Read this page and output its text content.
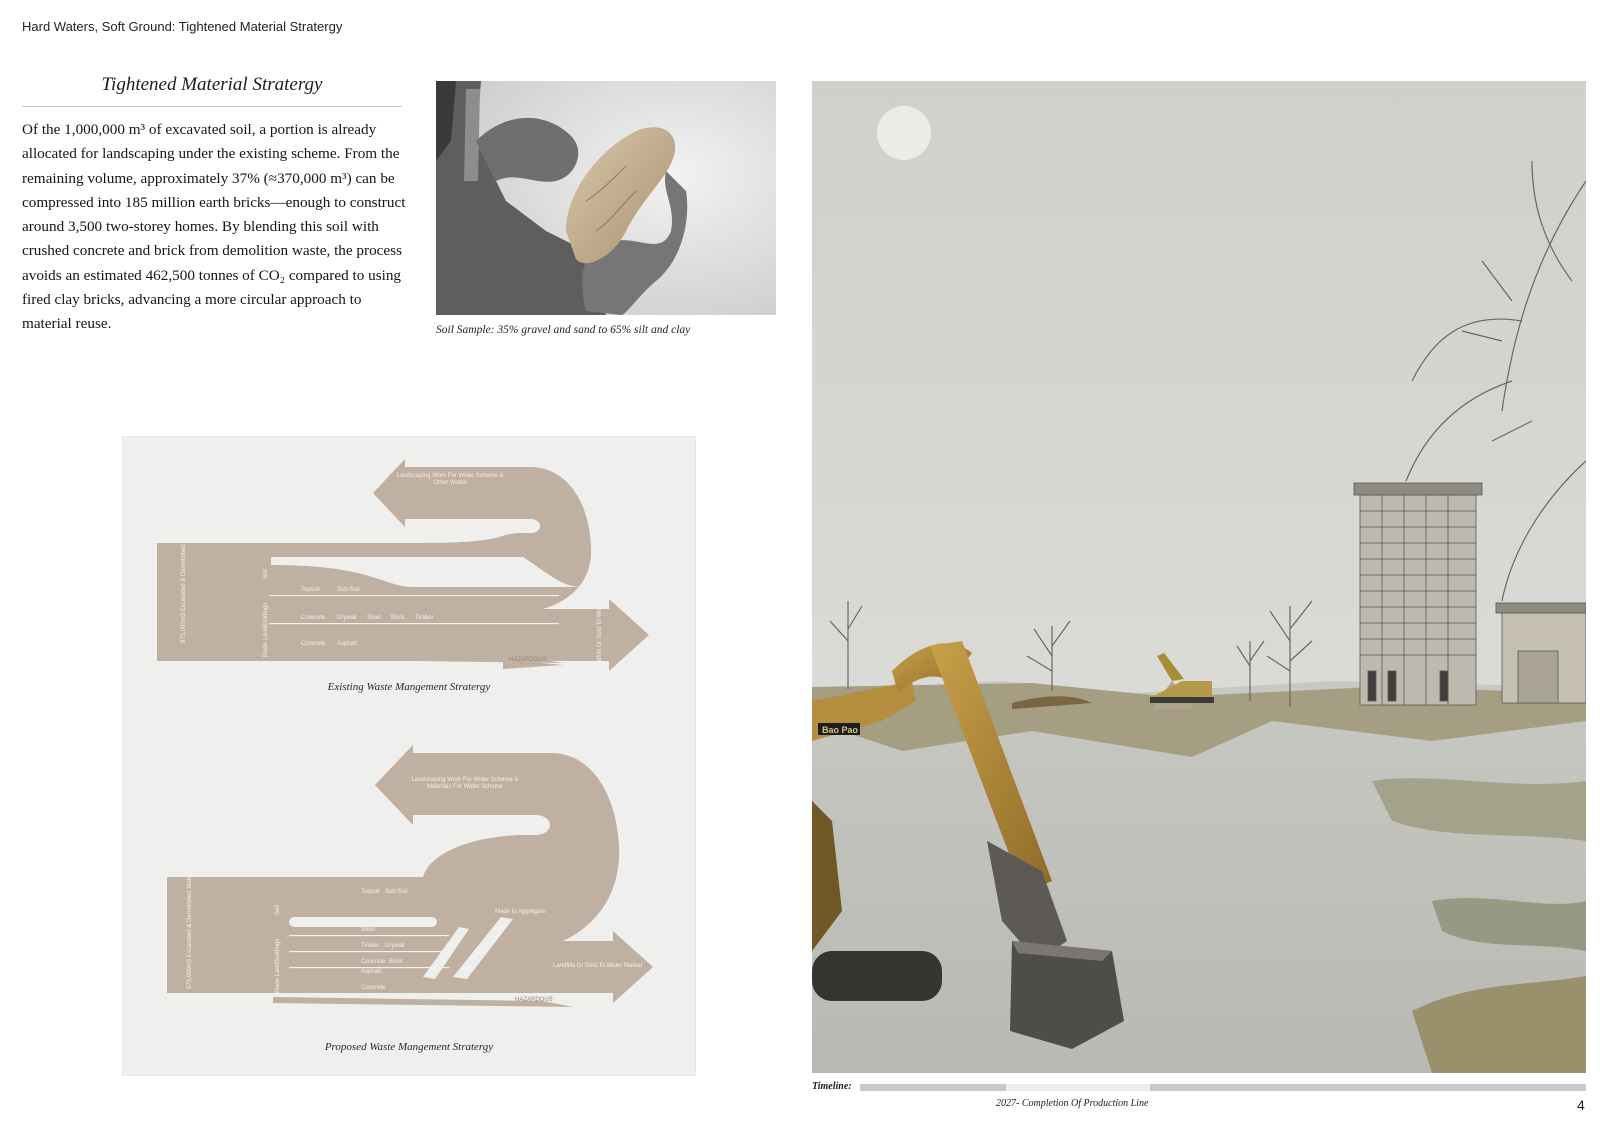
Hard Waters, Soft Ground: Tightened Material Stratergy
Tightened Material Stratergy
Of the 1,000,000 m³ of excavated soil, a portion is already allocated for landscaping under the existing scheme. From the remaining volume, approximately 37% (≈370,000 m³) can be compressed into 185 million earth bricks—enough to construct around 3,500 two-storey homes. By blending this soil with crushed concrete and brick from demolition waste, the process avoids an estimated 462,500 tonnes of CO₂ compared to using fired clay bricks, advancing a more circular approach to material reuse.	Soil Sample: 35% gravel and sand to 65% silt and clay
975,000m3 Excavated & Demolished Materials	Soil
Buildings
Made Land
Landscaping Work For Wider Scheme & Other Works
Topsoil	Sub-Soil
Concrete Drywall Steel Brick Timber
Concrete Asphalt	Landfills Or Sold To Wider Market
HAZARDOUS
Existing Waste Mangement Stratergy
975,000m3 Excavated & Demolished Materials	Soil
Buildings
Made Land
Landscaping Work For Wider Scheme & Materials For Wider Scheme
Topsoil Sub-Soil
Steel
Timber Drywall
Concrete Brick
Asphalt
Concrete
Made to Aggregate
Landfills Or Sold To Wider Market
HAZARDOUS
Proposed Waste Mangement Stratergy
Bao Pao
Timeline:
2027- Completion Of Production Line	4
